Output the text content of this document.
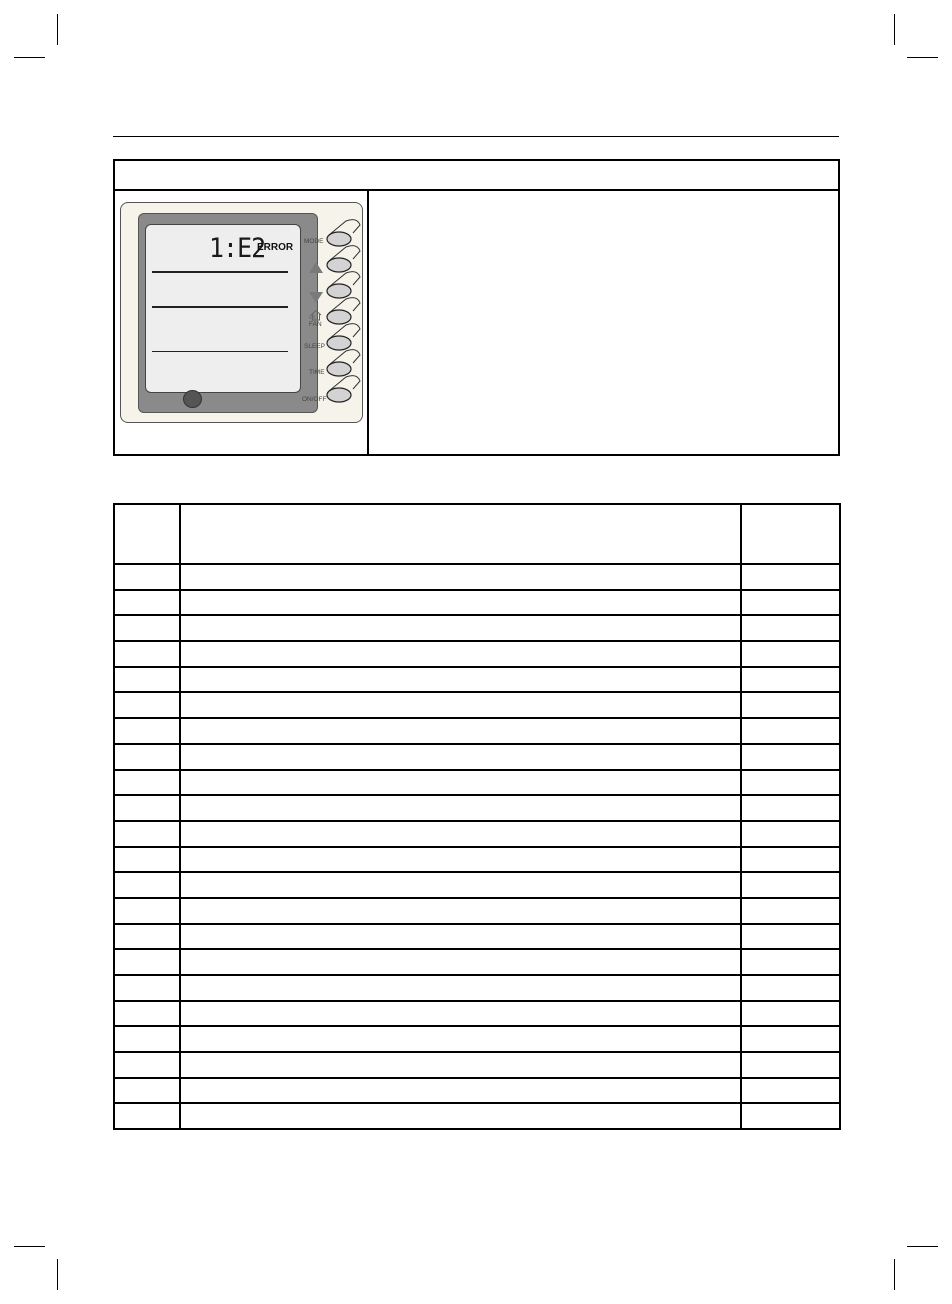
1:E2
ERROR
MODE
FAN
SLEEP
TIME
ON/OFF
